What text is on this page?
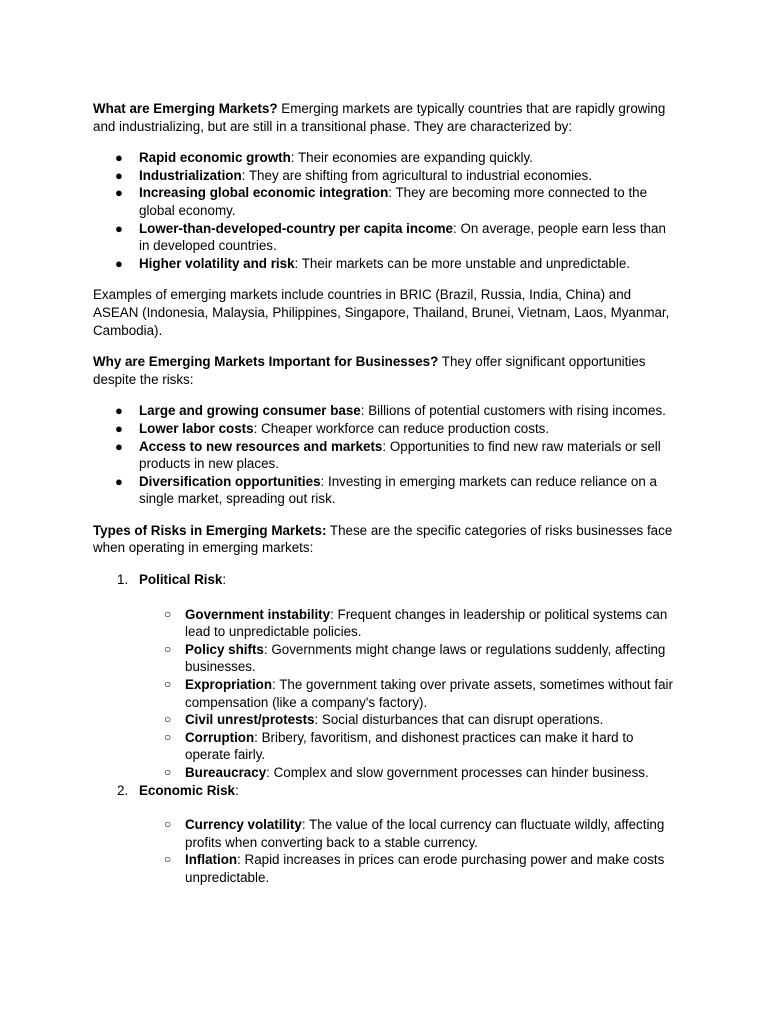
What are Emerging Markets? Emerging markets are typically countries that are rapidly growing and industrializing, but are still in a transitional phase. They are characterized by:

● Rapid economic growth: Their economies are expanding quickly.
● Industrialization: They are shifting from agricultural to industrial economies.
● Increasing global economic integration: They are becoming more connected to the global economy.
● Lower-than-developed-country per capita income: On average, people earn less than in developed countries.
● Higher volatility and risk: Their markets can be more unstable and unpredictable.

Examples of emerging markets include countries in BRIC (Brazil, Russia, India, China) and ASEAN (Indonesia, Malaysia, Philippines, Singapore, Thailand, Brunei, Vietnam, Laos, Myanmar, Cambodia).

Why are Emerging Markets Important for Businesses? They offer significant opportunities despite the risks:

● Large and growing consumer base: Billions of potential customers with rising incomes.
● Lower labor costs: Cheaper workforce can reduce production costs.
● Access to new resources and markets: Opportunities to find new raw materials or sell products in new places.
● Diversification opportunities: Investing in emerging markets can reduce reliance on a single market, spreading out risk.

Types of Risks in Emerging Markets: These are the specific categories of risks businesses face when operating in emerging markets:

1. Political Risk:
○ Government instability: Frequent changes in leadership or political systems can lead to unpredictable policies.
○ Policy shifts: Governments might change laws or regulations suddenly, affecting businesses.
○ Expropriation: The government taking over private assets, sometimes without fair compensation (like a company's factory).
○ Civil unrest/protests: Social disturbances that can disrupt operations.
○ Corruption: Bribery, favoritism, and dishonest practices can make it hard to operate fairly.
○ Bureaucracy: Complex and slow government processes can hinder business.
2. Economic Risk:
○ Currency volatility: The value of the local currency can fluctuate wildly, affecting profits when converting back to a stable currency.
○ Inflation: Rapid increases in prices can erode purchasing power and make costs unpredictable.
